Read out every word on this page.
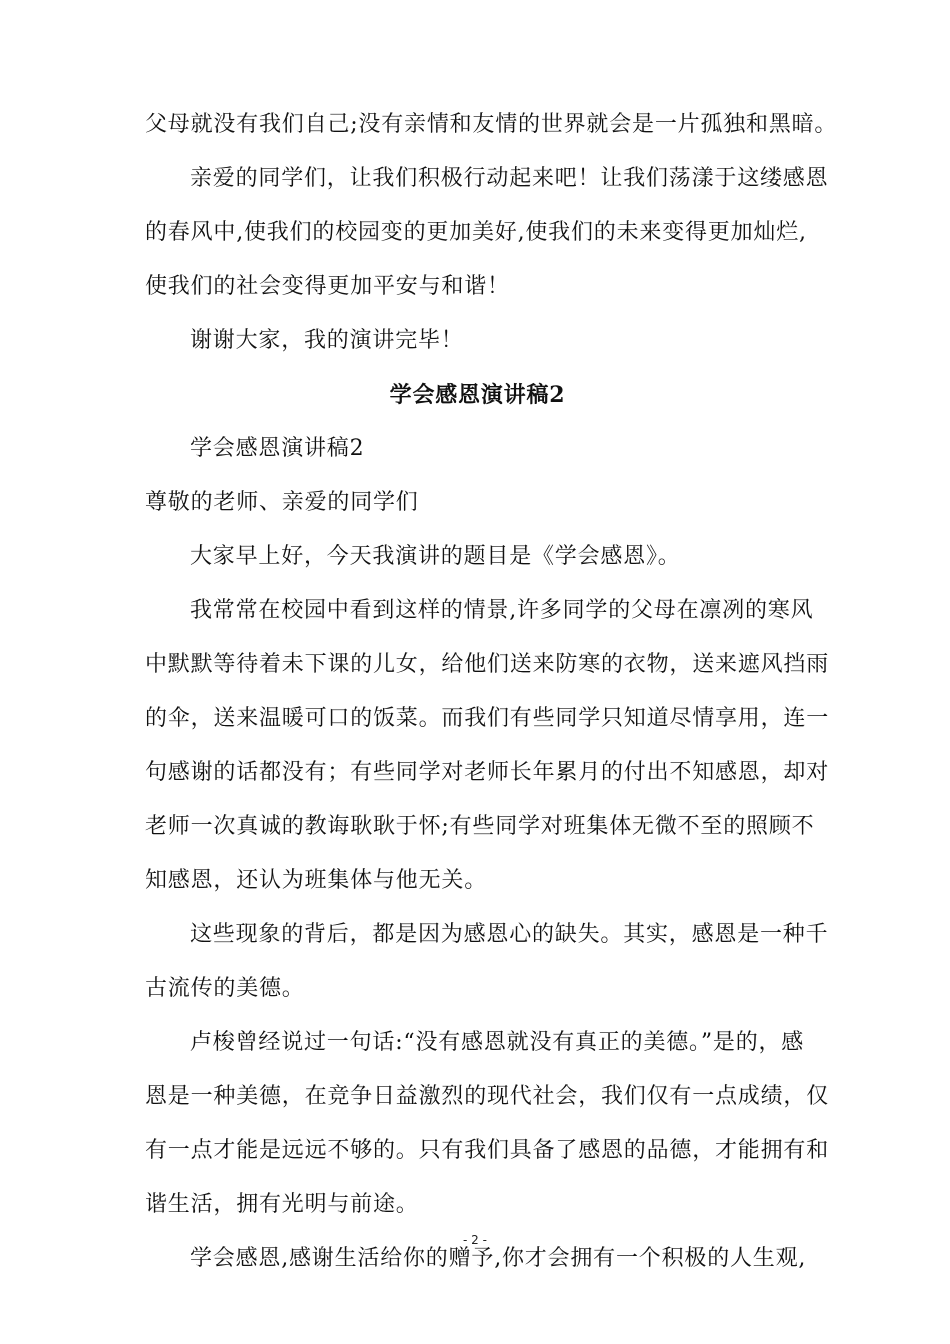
父母就没有我们自己;没有亲情和友情的世界就会是一片孤独和黑暗。
亲爱的同学们，让我们积极行动起来吧！让我们荡漾于这缕感恩
的春风中,使我们的校园变的更加美好,使我们的未来变得更加灿烂,
使我们的社会变得更加平安与和谐！
谢谢大家，我的演讲完毕！
学会感恩演讲稿2
学会感恩演讲稿2
尊敬的老师、亲爱的同学们
大家早上好，今天我演讲的题目是《学会感恩》。
我常常在校园中看到这样的情景,许多同学的父母在凛冽的寒风
中默默等待着未下课的儿女，给他们送来防寒的衣物，送来遮风挡雨
的伞，送来温暖可口的饭菜。而我们有些同学只知道尽情享用，连一
句感谢的话都没有；有些同学对老师长年累月的付出不知感恩，却对
老师一次真诚的教诲耿耿于怀;有些同学对班集体无微不至的照顾不
知感恩，还认为班集体与他无关。
这些现象的背后，都是因为感恩心的缺失。其实，感恩是一种千
古流传的美德。
卢梭曾经说过一句话:“没有感恩就没有真正的美德。”是的，感
恩是一种美德，在竞争日益激烈的现代社会，我们仅有一点成绩，仅
有一点才能是远远不够的。只有我们具备了感恩的品德，才能拥有和
谐生活，拥有光明与前途。
学会感恩,感谢生活给你的赠予,你才会拥有一个积极的人生观,
- 2 -
